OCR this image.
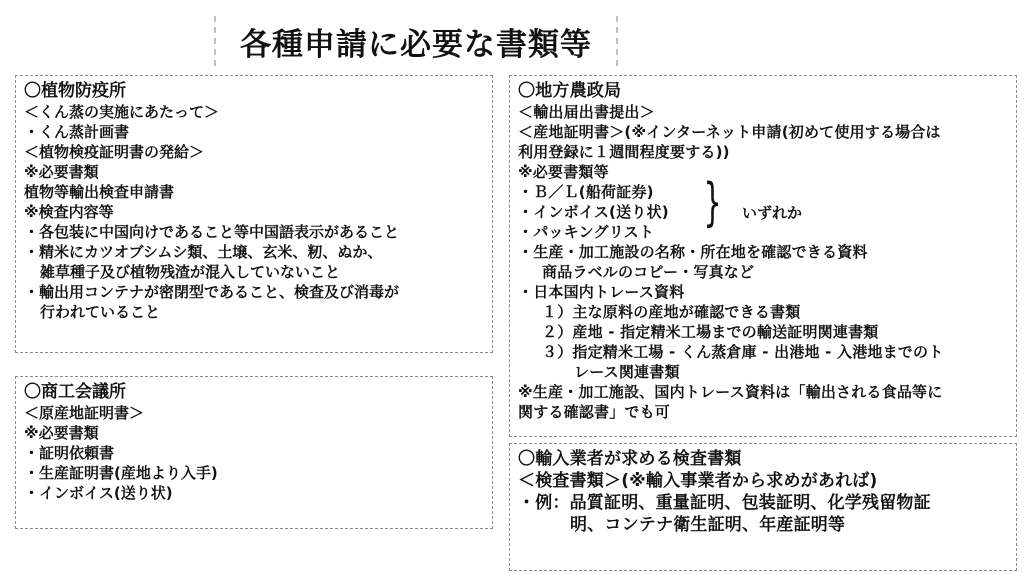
各種申請に必要な書類等
〇植物防疫所
＜くん蒸の実施にあたって＞
・くん蒸計画書
＜植物検疫証明書の発給＞
※必要書類
植物等輸出検査申請書
※検査内容等
・各包装に中国向けであること等中国語表示があること
・精米にカツオブシムシ類、土壌、玄米、籾、ぬか、
雑草種子及び植物残渣が混入していないこと
・輸出用コンテナが密閉型であること、検査及び消毒が
行われていること
〇商工会議所
＜原産地証明書＞
※必要書類
・証明依頼書
・生産証明書(産地より入手)
・インボイス(送り状)
〇地方農政局
＜輸出届出書提出＞
＜産地証明書＞(※インターネット申請(初めて使用する場合は
利用登録に１週間程度要する))
※必要書類等
・Ｂ／Ｌ(船荷証券)
・インボイス(送り状)
・パッキングリスト
・生産・加工施設の名称・所在地を確認できる資料
商品ラベルのコピー・写真など
・日本国内トレース資料
１）主な原料の産地が確認できる書類
２）産地 - 指定精米工場までの輸送証明関連書類
３）指定精米工場 - くん蒸倉庫 - 出港地 - 入港地までのト
レース関連書類
※生産・加工施設、国内トレース資料は「輸出される食品等に
関する確認書」でも可
} いずれか
〇輸入業者が求める検査書類
＜検査書類＞(※輸入事業者から求めがあれば)
・例：品質証明、重量証明、包装証明、化学残留物証
明、コンテナ衛生証明、年産証明等
